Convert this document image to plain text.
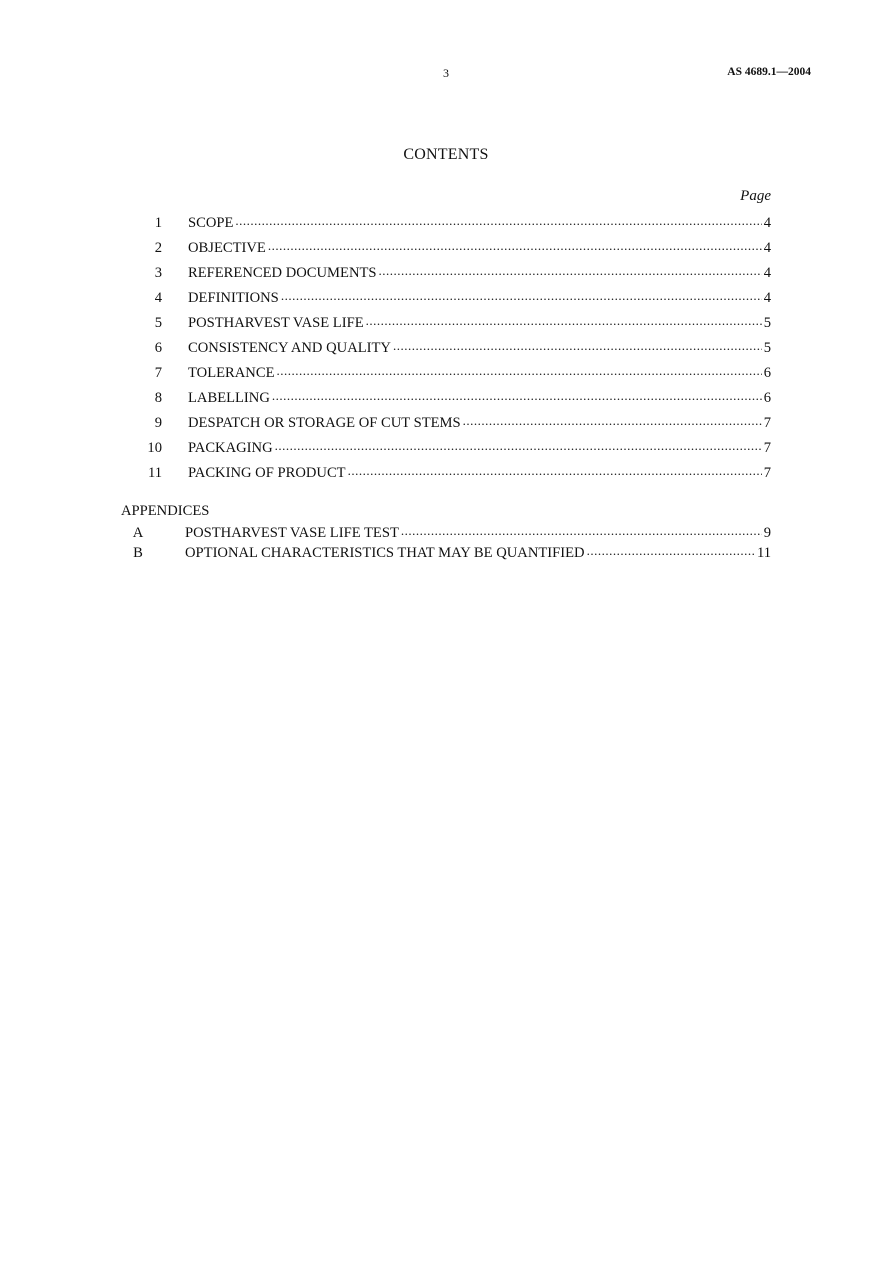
3	AS 4689.1—2004
CONTENTS
Page
1 SCOPE .....	4
2 OBJECTIVE .....	4
3 REFERENCED DOCUMENTS .....	4
4 DEFINITIONS .....	4
5 POSTHARVEST VASE LIFE .....	5
6 CONSISTENCY AND QUALITY .....	5
7 TOLERANCE .....	6
8 LABELLING .....	6
9 DESPATCH OR STORAGE OF CUT STEMS .....	7
10 PACKAGING .....	7
11 PACKING OF PRODUCT .....	7
APPENDICES
A	POSTHARVEST VASE LIFE TEST .....	9
B	OPTIONAL CHARACTERISTICS THAT MAY BE QUANTIFIED .....	11
